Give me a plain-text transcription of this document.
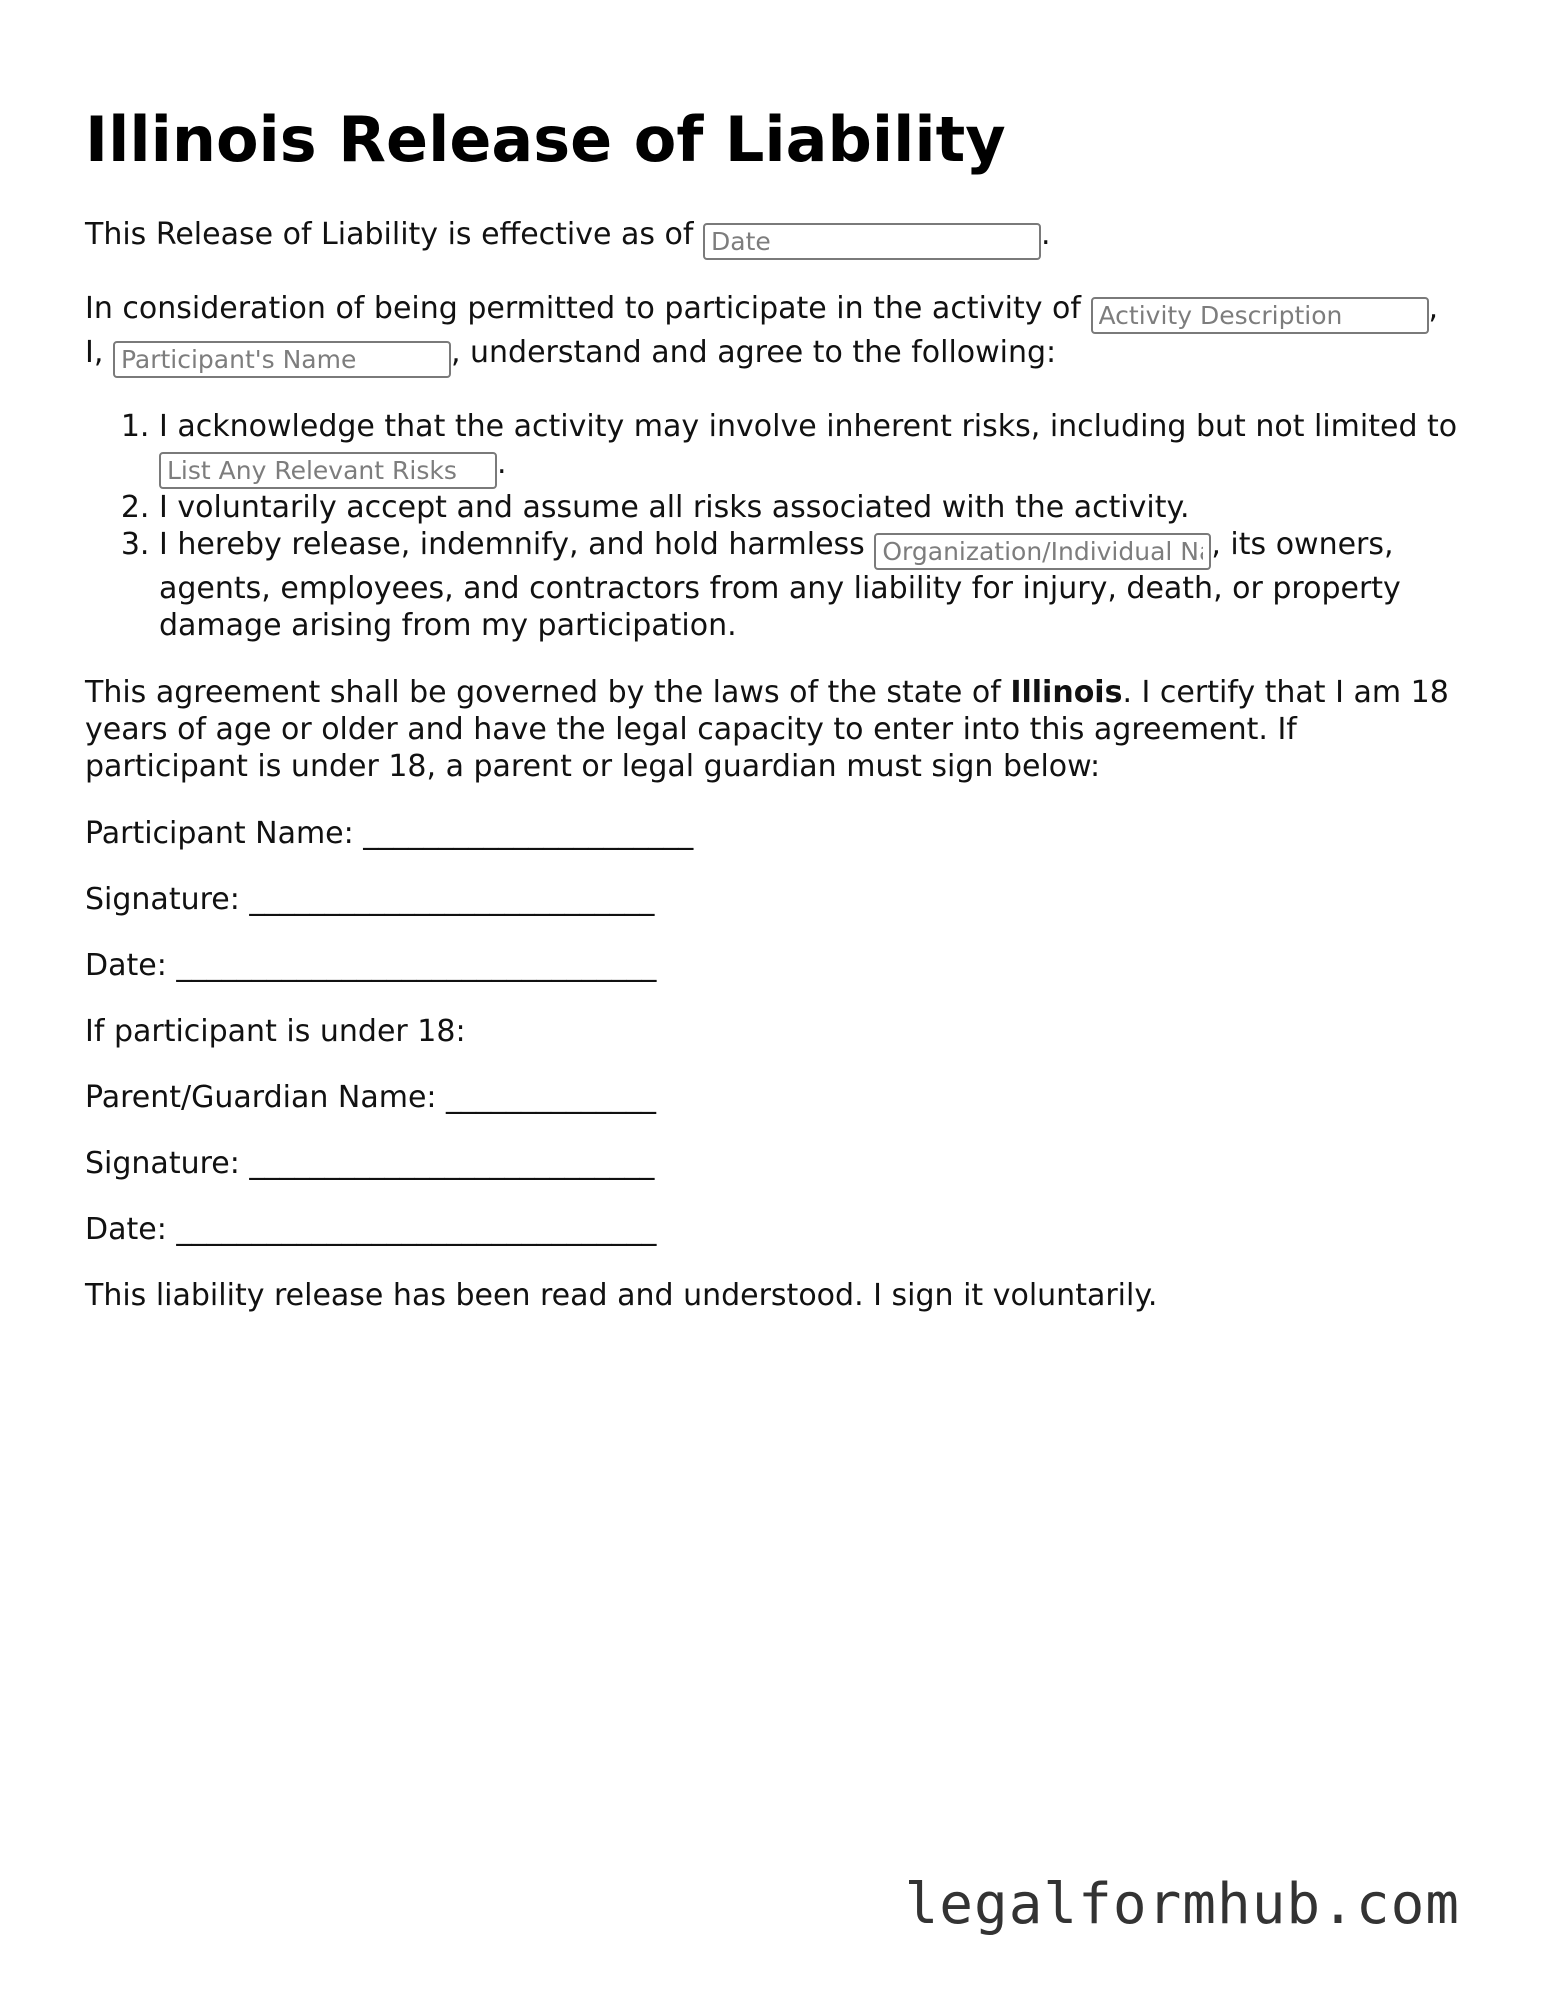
Illinois Release of Liability

This Release of Liability is effective as of Date	.

In consideration of being permitted to participate in the activity of Activity Description	,
I, Participant's Name	, understand and agree to the following:

1. I acknowledge that the activity may involve inherent risks, including but not limited to List Any Relevant Risks.
2. I voluntarily accept and assume all risks associated with the activity.
3. I hereby release, indemnify, and hold harmless Organization/Individual Name	, its owners, agents, employees, and contractors from any liability for injury, death, or property damage arising from my participation.

This agreement shall be governed by the laws of the state of Illinois. I certify that I am 18 years of age or older and have the legal capacity to enter into this agreement. If participant is under 18, a parent or legal guardian must sign below:

Participant Name: ______________________

Signature: ___________________________

Date: ________________________________

If participant is under 18:

Parent/Guardian Name: ______________

Signature: ___________________________

Date: ________________________________

This liability release has been read and understood. I sign it voluntarily.

legalformhub.com
